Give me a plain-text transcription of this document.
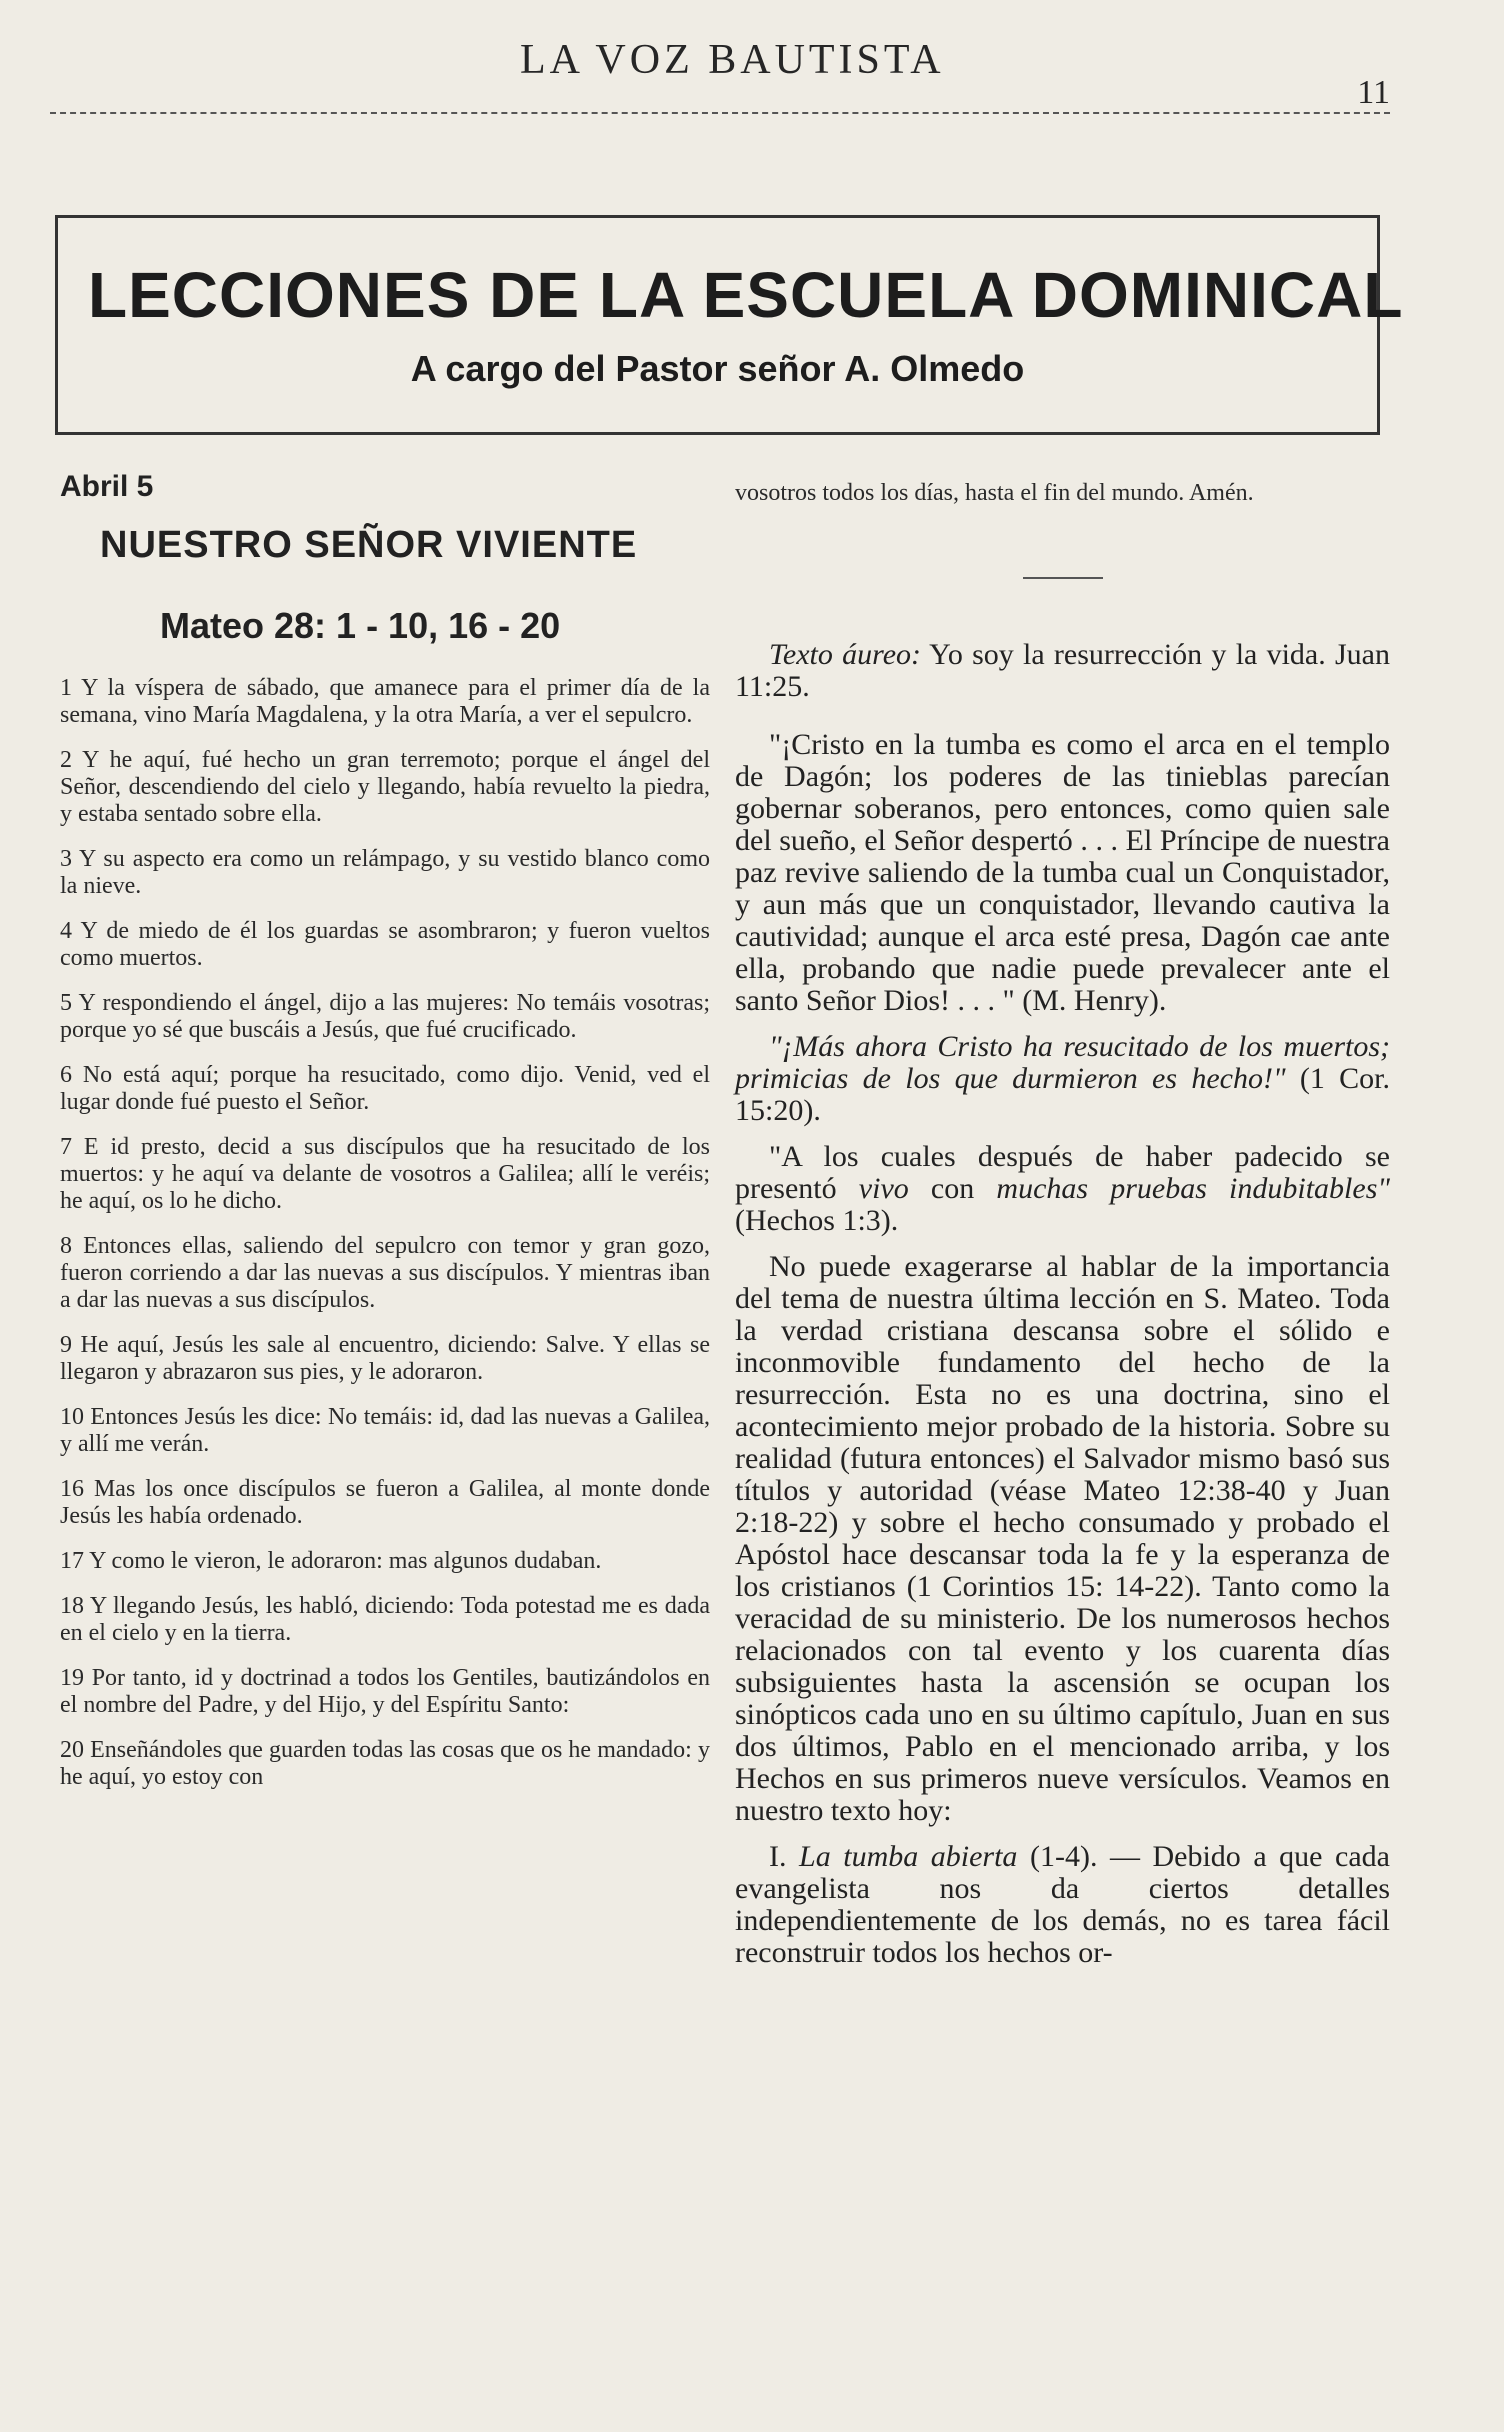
LA VOZ BAUTISTA
11
LECCIONES DE LA ESCUELA DOMINICAL
A cargo del Pastor señor A. Olmedo
Abril 5
NUESTRO SEÑOR VIVIENTE
Mateo 28: 1 - 10, 16 - 20

1 Y la víspera de sábado, que amanece para el primer día de la semana, vino María Magdalena, y la otra María, a ver el sepulcro.

2 Y he aquí, fué hecho un gran terremoto; porque el ángel del Señor, descendiendo del cielo y llegando, había revuelto la piedra, y estaba sentado sobre ella.

3 Y su aspecto era como un relámpago, y su vestido blanco como la nieve.

4 Y de miedo de él los guardas se asombraron; y fueron vueltos como muertos.

5 Y respondiendo el ángel, dijo a las mujeres: No temáis vosotras; porque yo sé que buscáis a Jesús, que fué crucificado.

6 No está aquí; porque ha resucitado, como dijo. Venid, ved el lugar donde fué puesto el Señor.

7 E id presto, decid a sus discípulos que ha resucitado de los muertos: y he aquí va delante de vosotros a Galilea; allí le veréis; he aquí, os lo he dicho.

8 Entonces ellas, saliendo del sepulcro con temor y gran gozo, fueron corriendo a dar las nuevas a sus discípulos. Y mientras iban a dar las nuevas a sus discípulos.

9 He aquí, Jesús les sale al encuentro, diciendo: Salve. Y ellas se llegaron y abrazaron sus pies, y le adoraron.

10 Entonces Jesús les dice: No temáis: id, dad las nuevas a Galilea, y allí me verán.

16 Mas los once discípulos se fueron a Galilea, al monte donde Jesús les había ordenado.

17 Y como le vieron, le adoraron: mas algunos dudaban.

18 Y llegando Jesús, les habló, diciendo: Toda potestad me es dada en el cielo y en la tierra.

19 Por tanto, id y doctrinad a todos los Gentiles, bautizándolos en el nombre del Padre, y del Hijo, y del Espíritu Santo:

20 Enseñándoles que guarden todas las cosas que os he mandado: y he aquí, yo estoy con

vosotros todos los días, hasta el fin del mundo. Amén.

Texto áureo: Yo soy la resurrección y la vida. Juan 11:25.

"¡Cristo en la tumba es como el arca en el templo de Dagón; los poderes de las tinieblas parecían gobernar soberanos, pero entonces, como quien sale del sueño, el Señor despertó . . . El Príncipe de nuestra paz revive saliendo de la tumba cual un Conquistador, y aun más que un conquistador, llevando cautiva la cautividad; aunque el arca esté presa, Dagón cae ante ella, probando que nadie puede prevalecer ante el santo Señor Dios! . . . " (M. Henry).

"¡Más ahora Cristo ha resucitado de los muertos; primicias de los que durmieron es hecho!" (1 Cor. 15:20).

"A los cuales después de haber padecido se presentó vivo con muchas pruebas indubitables" (Hechos 1:3).

No puede exagerarse al hablar de la importancia del tema de nuestra última lección en S. Mateo. Toda la verdad cristiana descansa sobre el sólido e inconmovible fundamento del hecho de la resurrección. Esta no es una doctrina, sino el acontecimiento mejor probado de la historia. Sobre su realidad (futura entonces) el Salvador mismo basó sus títulos y autoridad (véase Mateo 12:38-40 y Juan 2:18-22) y sobre el hecho consumado y probado el Apóstol hace descansar toda la fe y la esperanza de los cristianos (1 Corintios 15: 14-22). Tanto como la veracidad de su ministerio. De los numerosos hechos relacionados con tal evento y los cuarenta días subsiguientes hasta la ascensión se ocupan los sinópticos cada uno en su último capítulo, Juan en sus dos últimos, Pablo en el mencionado arriba, y los Hechos en sus primeros nueve versículos. Veamos en nuestro texto hoy:

I. La tumba abierta (1-4). — Debido a que cada evangelista nos da ciertos detalles independientemente de los demás, no es tarea fácil reconstruir todos los hechos or-
